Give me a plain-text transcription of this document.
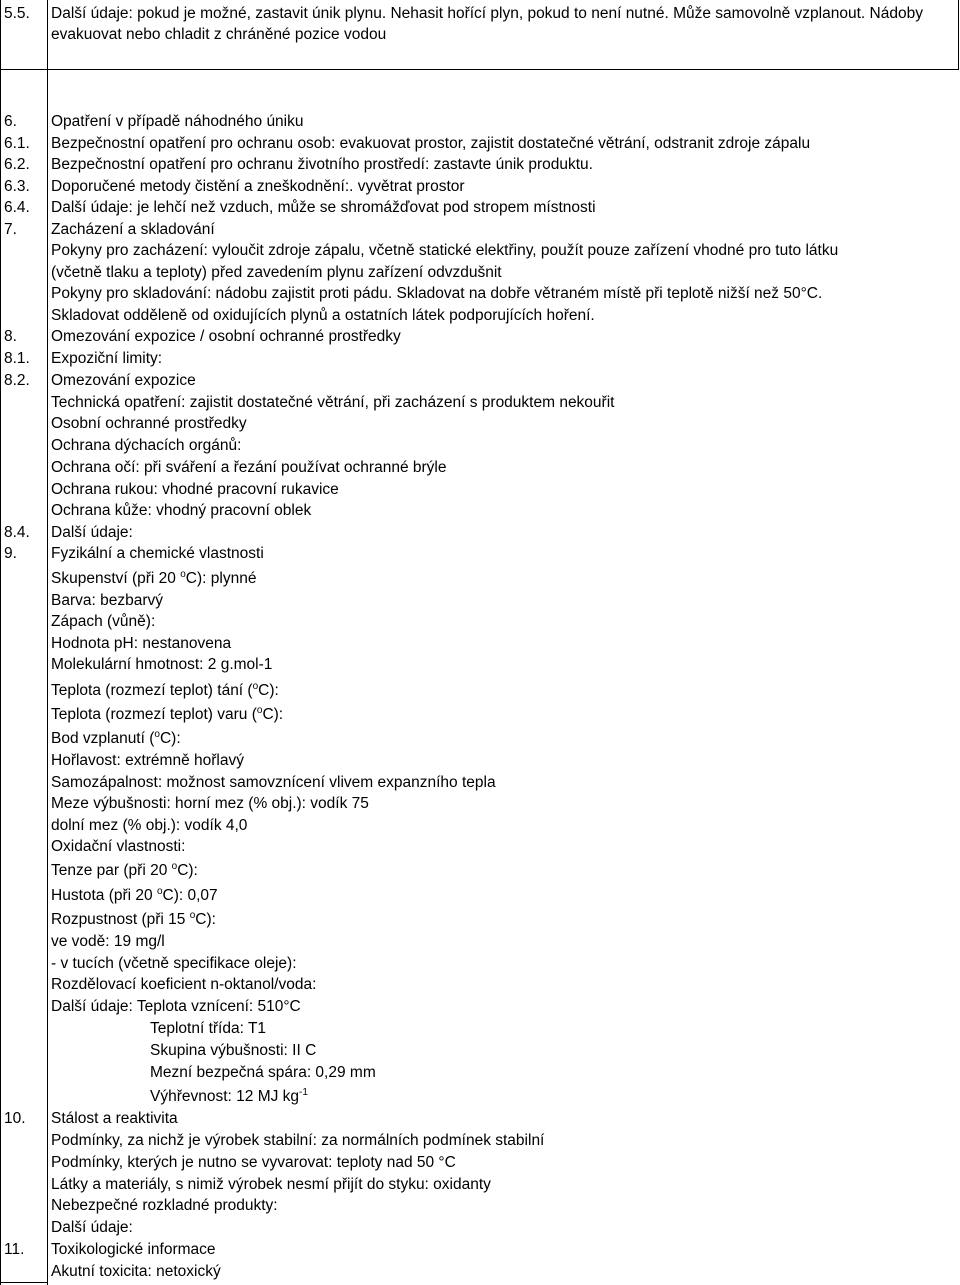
5.5. Další údaje: pokud je možné, zastavit únik plynu. Nehasit hořící plyn, pokud to není nutné. Může samovolně vzplanout. Nádoby evakuovat nebo chladit z chráněné pozice vodou
6. Opatření v případě náhodného úniku
6.1. Bezpečnostní opatření pro ochranu osob: evakuovat prostor, zajistit dostatečné větrání, odstranit zdroje zápalu
6.2. Bezpečnostní opatření pro ochranu životního prostředí: zastavte únik produktu.
6.3. Doporučené metody čistění a zneškodnění:. vyvětrat prostor
6.4. Další údaje: je lehčí než vzduch, může se shromážďovat pod stropem místnosti
7. Zacházení a skladování
Pokyny pro zacházení: vyloučit zdroje zápalu, včetně statické elektřiny, použít pouze zařízení vhodné pro tuto látku
(včetně tlaku a teploty) před zavedením plynu zařízení odvzdušnit
Pokyny pro skladování: nádobu zajistit proti pádu. Skladovat na dobře větraném místě při teplotě nižší než 50°C.
Skladovat odděleně od oxidujících plynů a ostatních látek podporujících hoření.
8. Omezování expozice / osobní ochranné prostředky
8.1. Expoziční limity:
8.2. Omezování expozice
Technická opatření: zajistit dostatečné větrání, při zacházení s produktem nekouřit
Osobní ochranné prostředky
Ochrana dýchacích orgánů:
Ochrana očí: při sváření a řezání používat ochranné brýle
Ochrana rukou: vhodné pracovní rukavice
Ochrana kůže: vhodný pracovní oblek
8.4. Další údaje:
9. Fyzikální a chemické vlastnosti
Skupenství (při 20 $^o$C): plynné
Barva: bezbarvý
Zápach (vůně):
Hodnota pH: nestanovena
Molekulární hmotnost: 2 g.mol-1
Teplota (rozmezí teplot) tání ($^o$C):
Teplota (rozmezí teplot) varu ($^o$C):
Bod vzplanutí ($^o$C):
Hořlavost: extrémně hořlavý
Samozápalnost: možnost samovznícení vlivem expanzního tepla
Meze výbušnosti: horní mez (% obj.): vodík 75
dolní mez (% obj.): vodík 4,0
Oxidační vlastnosti:
Tenze par (při 20 $^o$C):
Hustota (při 20 $^o$C): 0,07
Rozpustnost (při 15 $^o$C):
ve vodě: 19 mg/l
- v tucích (včetně specifikace oleje):
Rozdělovací koeficient n-oktanol/voda:
Další údaje: Teplota vznícení: 510°C
Teplotní třída: T1
Skupina výbušnosti: II C
Mezní bezpečná spára: 0,29 mm
Výhřevnost: 12 MJ $kg^{-1}$
10. Stálost a reaktivita
Podmínky, za nichž je výrobek stabilní: za normálních podmínek stabilní
Podmínky, kterých je nutno se vyvarovat: teploty nad 50 °C
Látky a materiály, s nimiž výrobek nesmí přijít do styku: oxidanty
Nebezpečné rozkladné produkty:
Další údaje:
11. Toxikologické informace
Akutní toxicita: netoxický
